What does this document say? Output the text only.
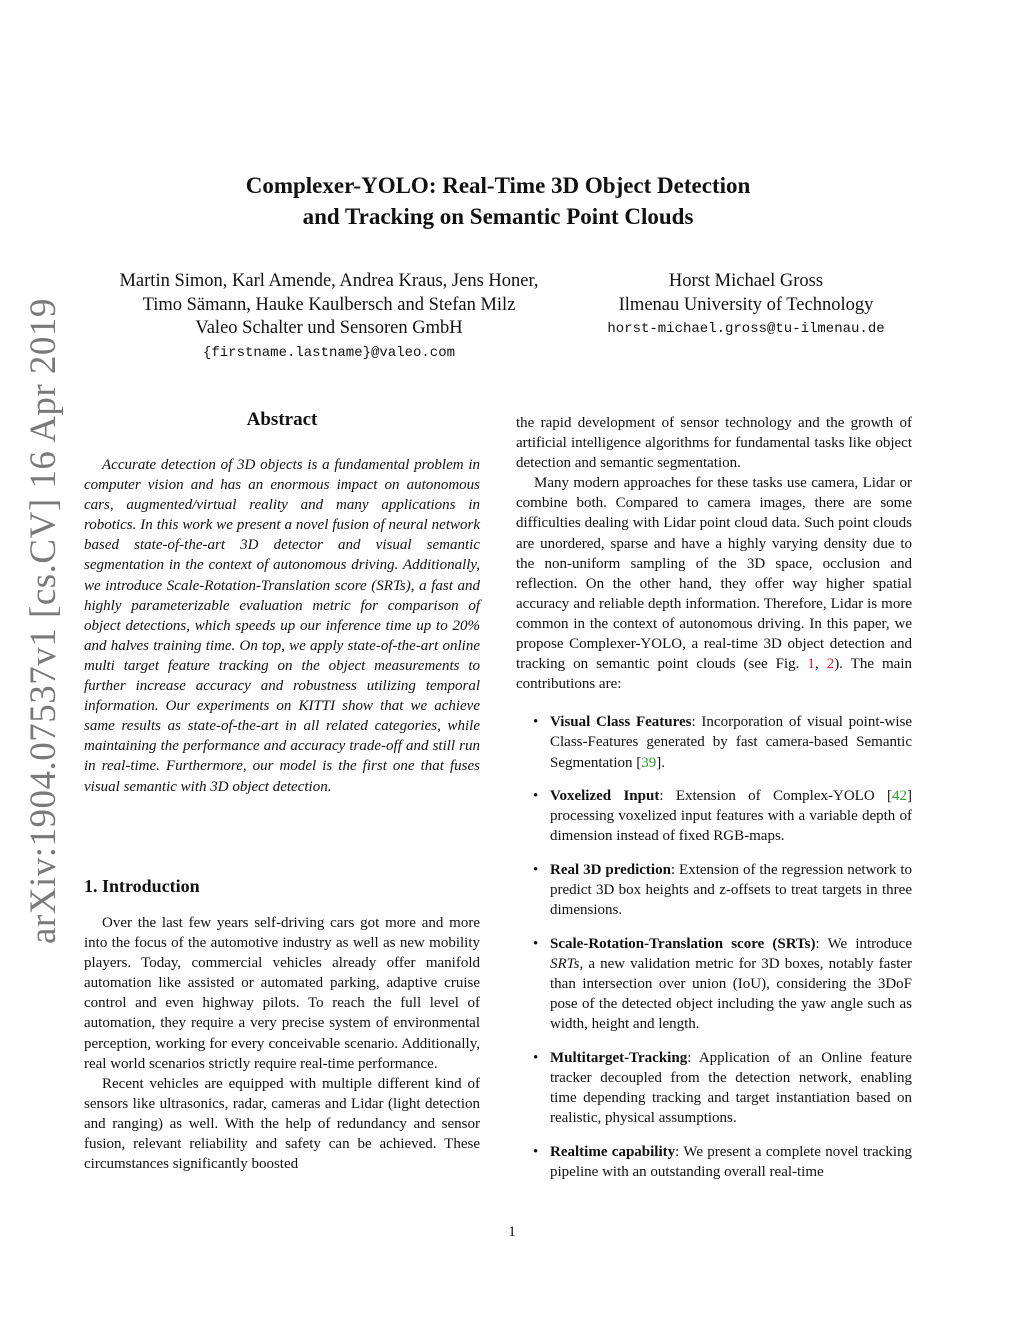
arXiv:1904.07537v1 [cs.CV] 16 Apr 2019
Complexer-YOLO: Real-Time 3D Object Detection
and Tracking on Semantic Point Clouds
Martin Simon, Karl Amende, Andrea Kraus, Jens Honer,
Timo Sämann, Hauke Kaulbersch and Stefan Milz
Valeo Schalter und Sensoren GmbH
{firstname.lastname}@valeo.com
Horst Michael Gross
Ilmenau University of Technology
horst-michael.gross@tu-ilmenau.de
Abstract

Accurate detection of 3D objects is a fundamental problem in computer vision and has an enormous impact on autonomous cars, augmented/virtual reality and many applications in robotics. In this work we present a novel fusion of neural network based state-of-the-art 3D detector and visual semantic segmentation in the context of autonomous driving. Additionally, we introduce Scale-Rotation-Translation score (SRTs), a fast and highly parameterizable evaluation metric for comparison of object detections, which speeds up our inference time up to 20% and halves training time. On top, we apply state-of-the-art online multi target feature tracking on the object measurements to further increase accuracy and robustness utilizing temporal information. Our experiments on KITTI show that we achieve same results as state-of-the-art in all related categories, while maintaining the performance and accuracy trade-off and still run in real-time. Furthermore, our model is the first one that fuses visual semantic with 3D object detection.

1. Introduction

Over the last few years self-driving cars got more and more into the focus of the automotive industry as well as new mobility players. Today, commercial vehicles already offer manifold automation like assisted or automated parking, adaptive cruise control and even highway pilots. To reach the full level of automation, they require a very precise system of environmental perception, working for every conceivable scenario. Additionally, real world scenarios strictly require real-time performance.

Recent vehicles are equipped with multiple different kind of sensors like ultrasonics, radar, cameras and Lidar (light detection and ranging) as well. With the help of redundancy and sensor fusion, relevant reliability and safety can be achieved. These circumstances significantly boosted

the rapid development of sensor technology and the growth of artificial intelligence algorithms for fundamental tasks like object detection and semantic segmentation.

Many modern approaches for these tasks use camera, Lidar or combine both. Compared to camera images, there are some difficulties dealing with Lidar point cloud data. Such point clouds are unordered, sparse and have a highly varying density due to the non-uniform sampling of the 3D space, occlusion and reflection. On the other hand, they offer way higher spatial accuracy and reliable depth information. Therefore, Lidar is more common in the context of autonomous driving. In this paper, we propose Complexer-YOLO, a real-time 3D object detection and tracking on semantic point clouds (see Fig. 1, 2). The main contributions are:

• Visual Class Features: Incorporation of visual point-wise Class-Features generated by fast camera-based Semantic Segmentation [39].
• Voxelized Input: Extension of Complex-YOLO [42] processing voxelized input features with a variable depth of dimension instead of fixed RGB-maps.
• Real 3D prediction: Extension of the regression network to predict 3D box heights and z-offsets to treat targets in three dimensions.
• Scale-Rotation-Translation score (SRTs): We introduce SRTs, a new validation metric for 3D boxes, notably faster than intersection over union (IoU), considering the 3DoF pose of the detected object including the yaw angle such as width, height and length.
• Multitarget-Tracking: Application of an Online feature tracker decoupled from the detection network, enabling time depending tracking and target instantiation based on realistic, physical assumptions.
• Realtime capability: We present a complete novel tracking pipeline with an outstanding overall real-time
1
